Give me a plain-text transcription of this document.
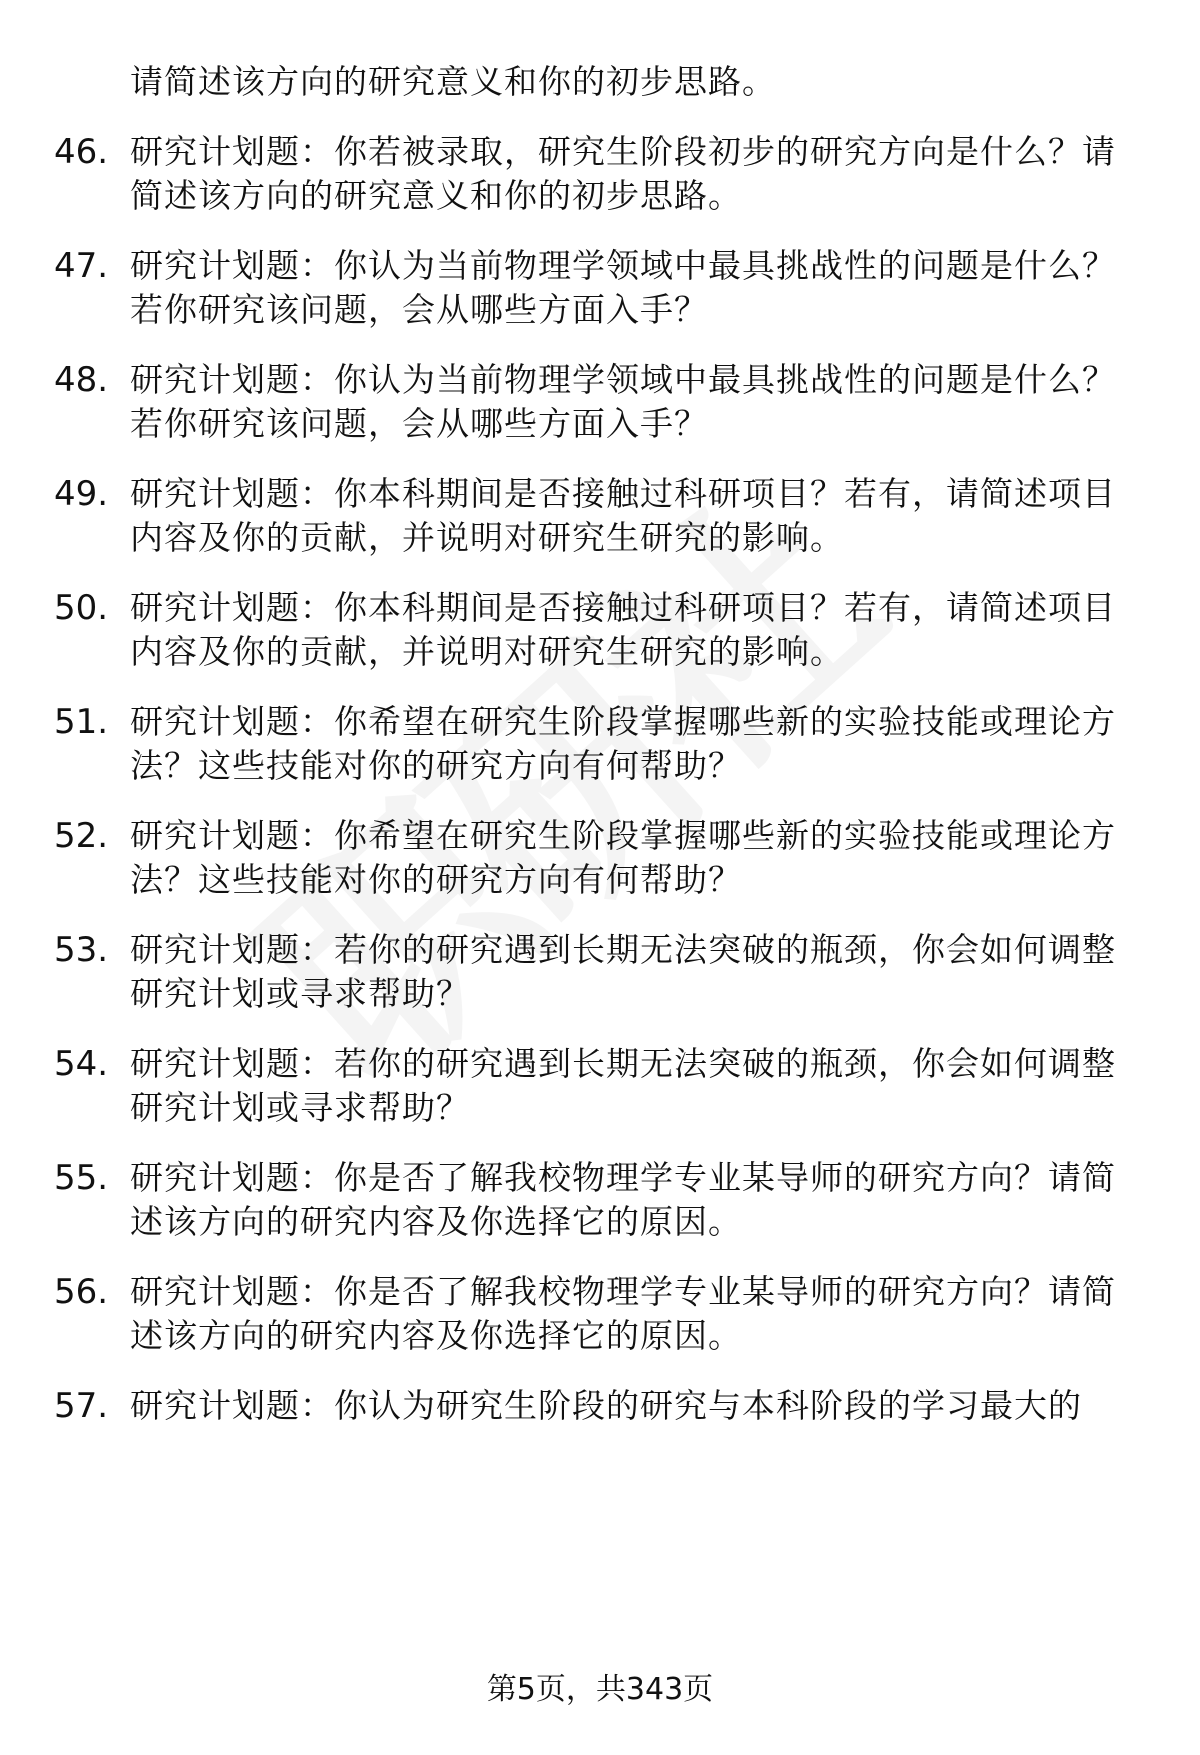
请简述该方向的研究意义和你的初步思路。
46. 研究计划题：你若被录取，研究生阶段初步的研究方向是什么？请简述该方向的研究意义和你的初步思路。
47. 研究计划题：你认为当前物理学领域中最具挑战性的问题是什么？若你研究该问题，会从哪些方面入手？
48. 研究计划题：你认为当前物理学领域中最具挑战性的问题是什么？若你研究该问题，会从哪些方面入手？
49. 研究计划题：你本科期间是否接触过科研项目？若有，请简述项目内容及你的贡献，并说明对研究生研究的影响。
50. 研究计划题：你本科期间是否接触过科研项目？若有，请简述项目内容及你的贡献，并说明对研究生研究的影响。
51. 研究计划题：你希望在研究生阶段掌握哪些新的实验技能或理论方法？这些技能对你的研究方向有何帮助？
52. 研究计划题：你希望在研究生阶段掌握哪些新的实验技能或理论方法？这些技能对你的研究方向有何帮助？
53. 研究计划题：若你的研究遇到长期无法突破的瓶颈，你会如何调整研究计划或寻求帮助？
54. 研究计划题：若你的研究遇到长期无法突破的瓶颈，你会如何调整研究计划或寻求帮助？
55. 研究计划题：你是否了解我校物理学专业某导师的研究方向？请简述该方向的研究内容及你选择它的原因。
56. 研究计划题：你是否了解我校物理学专业某导师的研究方向？请简述该方向的研究内容及你选择它的原因。
57. 研究计划题：你认为研究生阶段的研究与本科阶段的学习最大的
第5页，共343页
